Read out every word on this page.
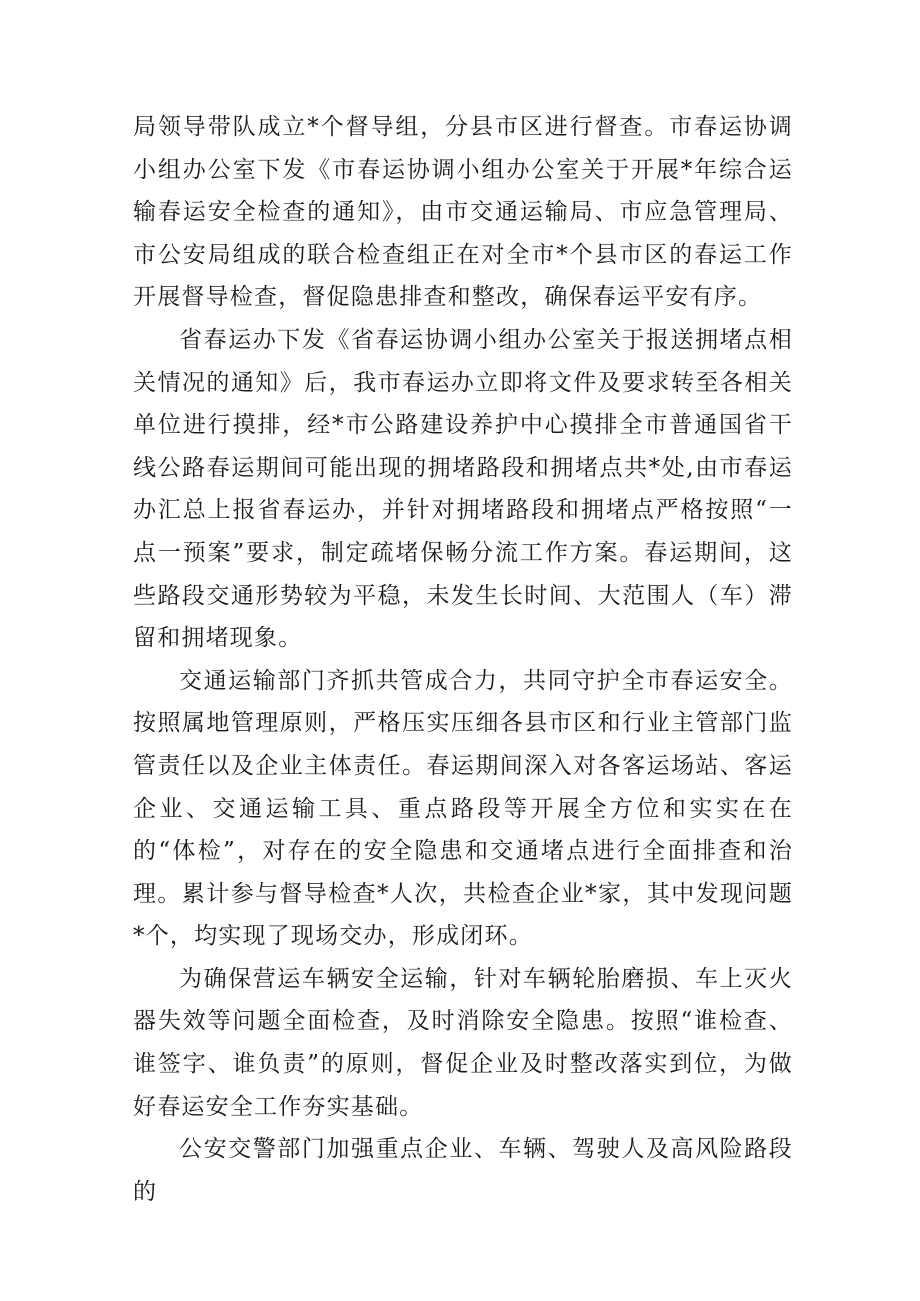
局领导带队成立*个督导组，分县市区进行督查。市春运协调小组办公室下发《市春运协调小组办公室关于开展*年综合运输春运安全检查的通知》，由市交通运输局、市应急管理局、市公安局组成的联合检查组正在对全市*个县市区的春运工作开展督导检查，督促隐患排查和整改，确保春运平安有序。

省春运办下发《省春运协调小组办公室关于报送拥堵点相关情况的通知》后，我市春运办立即将文件及要求转至各相关单位进行摸排，经*市公路建设养护中心摸排全市普通国省干线公路春运期间可能出现的拥堵路段和拥堵点共*处,由市春运办汇总上报省春运办，并针对拥堵路段和拥堵点严格按照“一点一预案”要求，制定疏堵保畅分流工作方案。春运期间，这些路段交通形势较为平稳，未发生长时间、大范围人（车）滞留和拥堵现象。

交通运输部门齐抓共管成合力，共同守护全市春运安全。按照属地管理原则，严格压实压细各县市区和行业主管部门监管责任以及企业主体责任。春运期间深入对各客运场站、客运企业、交通运输工具、重点路段等开展全方位和实实在在的“体检”，对存在的安全隐患和交通堵点进行全面排查和治理。累计参与督导检查*人次，共检查企业*家，其中发现问题*个，均实现了现场交办，形成闭环。

为确保营运车辆安全运输，针对车辆轮胎磨损、车上灭火器失效等问题全面检查，及时消除安全隐患。按照“谁检查、谁签字、谁负责”的原则，督促企业及时整改落实到位，为做好春运安全工作夯实基础。

公安交警部门加强重点企业、车辆、驾驶人及高风险路段的
